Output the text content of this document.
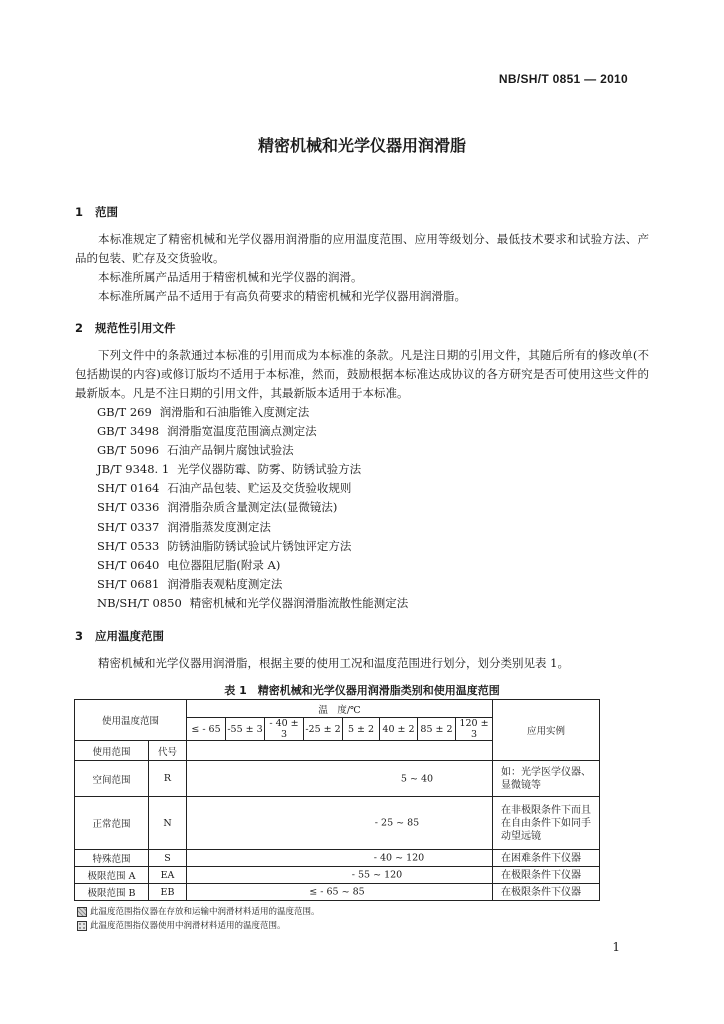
NB/SH/T 0851 — 2010
精密机械和光学仪器用润滑脂
1 范围

本标准规定了精密机械和光学仪器用润滑脂的应用温度范围、应用等级划分、最低技术要求和试验方法、产品的包装、贮存及交货验收。

本标准所属产品适用于精密机械和光学仪器的润滑。

本标准所属产品不适用于有高负荷要求的精密机械和光学仪器用润滑脂。

2 规范性引用文件

下列文件中的条款通过本标准的引用而成为本标准的条款。凡是注日期的引用文件，其随后所有的修改单(不包括勘误的内容)或修订版均不适用于本标准，然而，鼓励根据本标准达成协议的各方研究是否可使用这些文件的最新版本。凡是不注日期的引用文件，其最新版本适用于本标准。

GB/T 269 润滑脂和石油脂锥入度测定法
GB/T 3498 润滑脂宽温度范围滴点测定法
GB/T 5096 石油产品铜片腐蚀试验法
JB/T 9348. 1 光学仪器防霉、防雾、防锈试验方法
SH/T 0164 石油产品包装、贮运及交货验收规则
SH/T 0336 润滑脂杂质含量测定法(显微镜法)
SH/T 0337 润滑脂蒸发度测定法
SH/T 0533 防锈油脂防锈试验试片锈蚀评定方法
SH/T 0640 电位器阻尼脂(附录 A)
SH/T 0681 润滑脂表观粘度测定法
NB/SH/T 0850 精密机械和光学仪器润滑脂流散性能测定法
3 应用温度范围

精密机械和光学仪器用润滑脂，根据主要的使用工况和温度范围进行划分，划分类别见表 1。

表 1　精密机械和光学仪器用润滑脂类别和使用温度范围
使用温度范围		温　度/℃								应用实例
		≤ - 65	-55 ± 3	- 40 ± 3	-25 ± 2	5 ± 2	40 ± 2	85 ± 2	120 ± 3	
使用范围	代号									
空间范围	R	5 ~ 40								如：光学医学仪器、显微镜等
正常范围	N	- 25 ~ 85								在非极限条件下而且在自由条件下如同手动望远镜
特殊范围	S	- 40 ~ 120								在困难条件下仪器
极限范围 A	EA	- 55 ~ 120								在极限条件下仪器
极限范围 B	EB	≤ - 65 ~ 85								在极限条件下仪器
此温度范围指仪器在存放和运输中润滑材料适用的温度范围。
此温度范围指仪器使用中润滑材料适用的温度范围。
1
